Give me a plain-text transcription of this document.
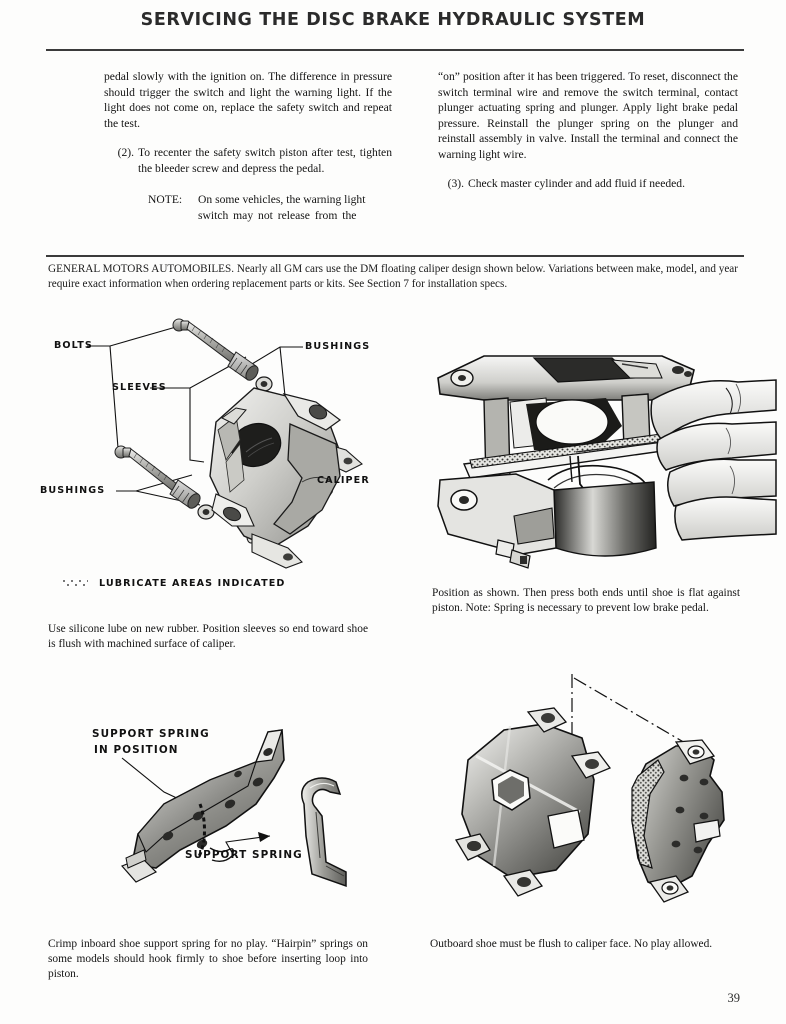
SERVICING THE DISC BRAKE HYDRAULIC SYSTEM

pedal slowly with the ignition on. The difference in pressure should trigger the switch and light the warning light. If the light does not come on, replace the safety switch and repeat the test.

(2). To recenter the safety switch piston after test, tighten the bleeder screw and depress the pedal.
NOTE:	On some vehicles, the warning light
switch may not release from the

“on” position after it has been triggered. To reset, disconnect the switch terminal wire and remove the switch terminal, contact plunger actuating spring and plunger. Apply light brake pedal pressure. Reinstall the plunger spring on the plunger and reinstall assembly in valve. Install the terminal and connect the warning light wire.

(3). Check master cylinder and add fluid if needed.
GENERAL MOTORS AUTOMOBILES. Nearly all GM cars use the DM floating caliper design shown below. Variations between make, model, and year require exact information when ordering replacement parts or kits. See Section 7 for installation specs.
BOLTS
SLEEVES
BUSHINGS
BUSHINGS
CALIPER
LUBRICATE AREAS INDICATED
Use silicone lube on new rubber. Position sleeves so end toward shoe is flush with machined surface of caliper.
Position as shown. Then press both ends until shoe is flat against piston. Note: Spring is necessary to prevent low brake pedal.
SUPPORT SPRING
IN POSITION
SUPPORT SPRING
Crimp inboard shoe support spring for no play. “Hairpin” springs on some models should hook firmly to shoe before inserting loop into piston.
Outboard shoe must be flush to caliper face. No play allowed.
39
